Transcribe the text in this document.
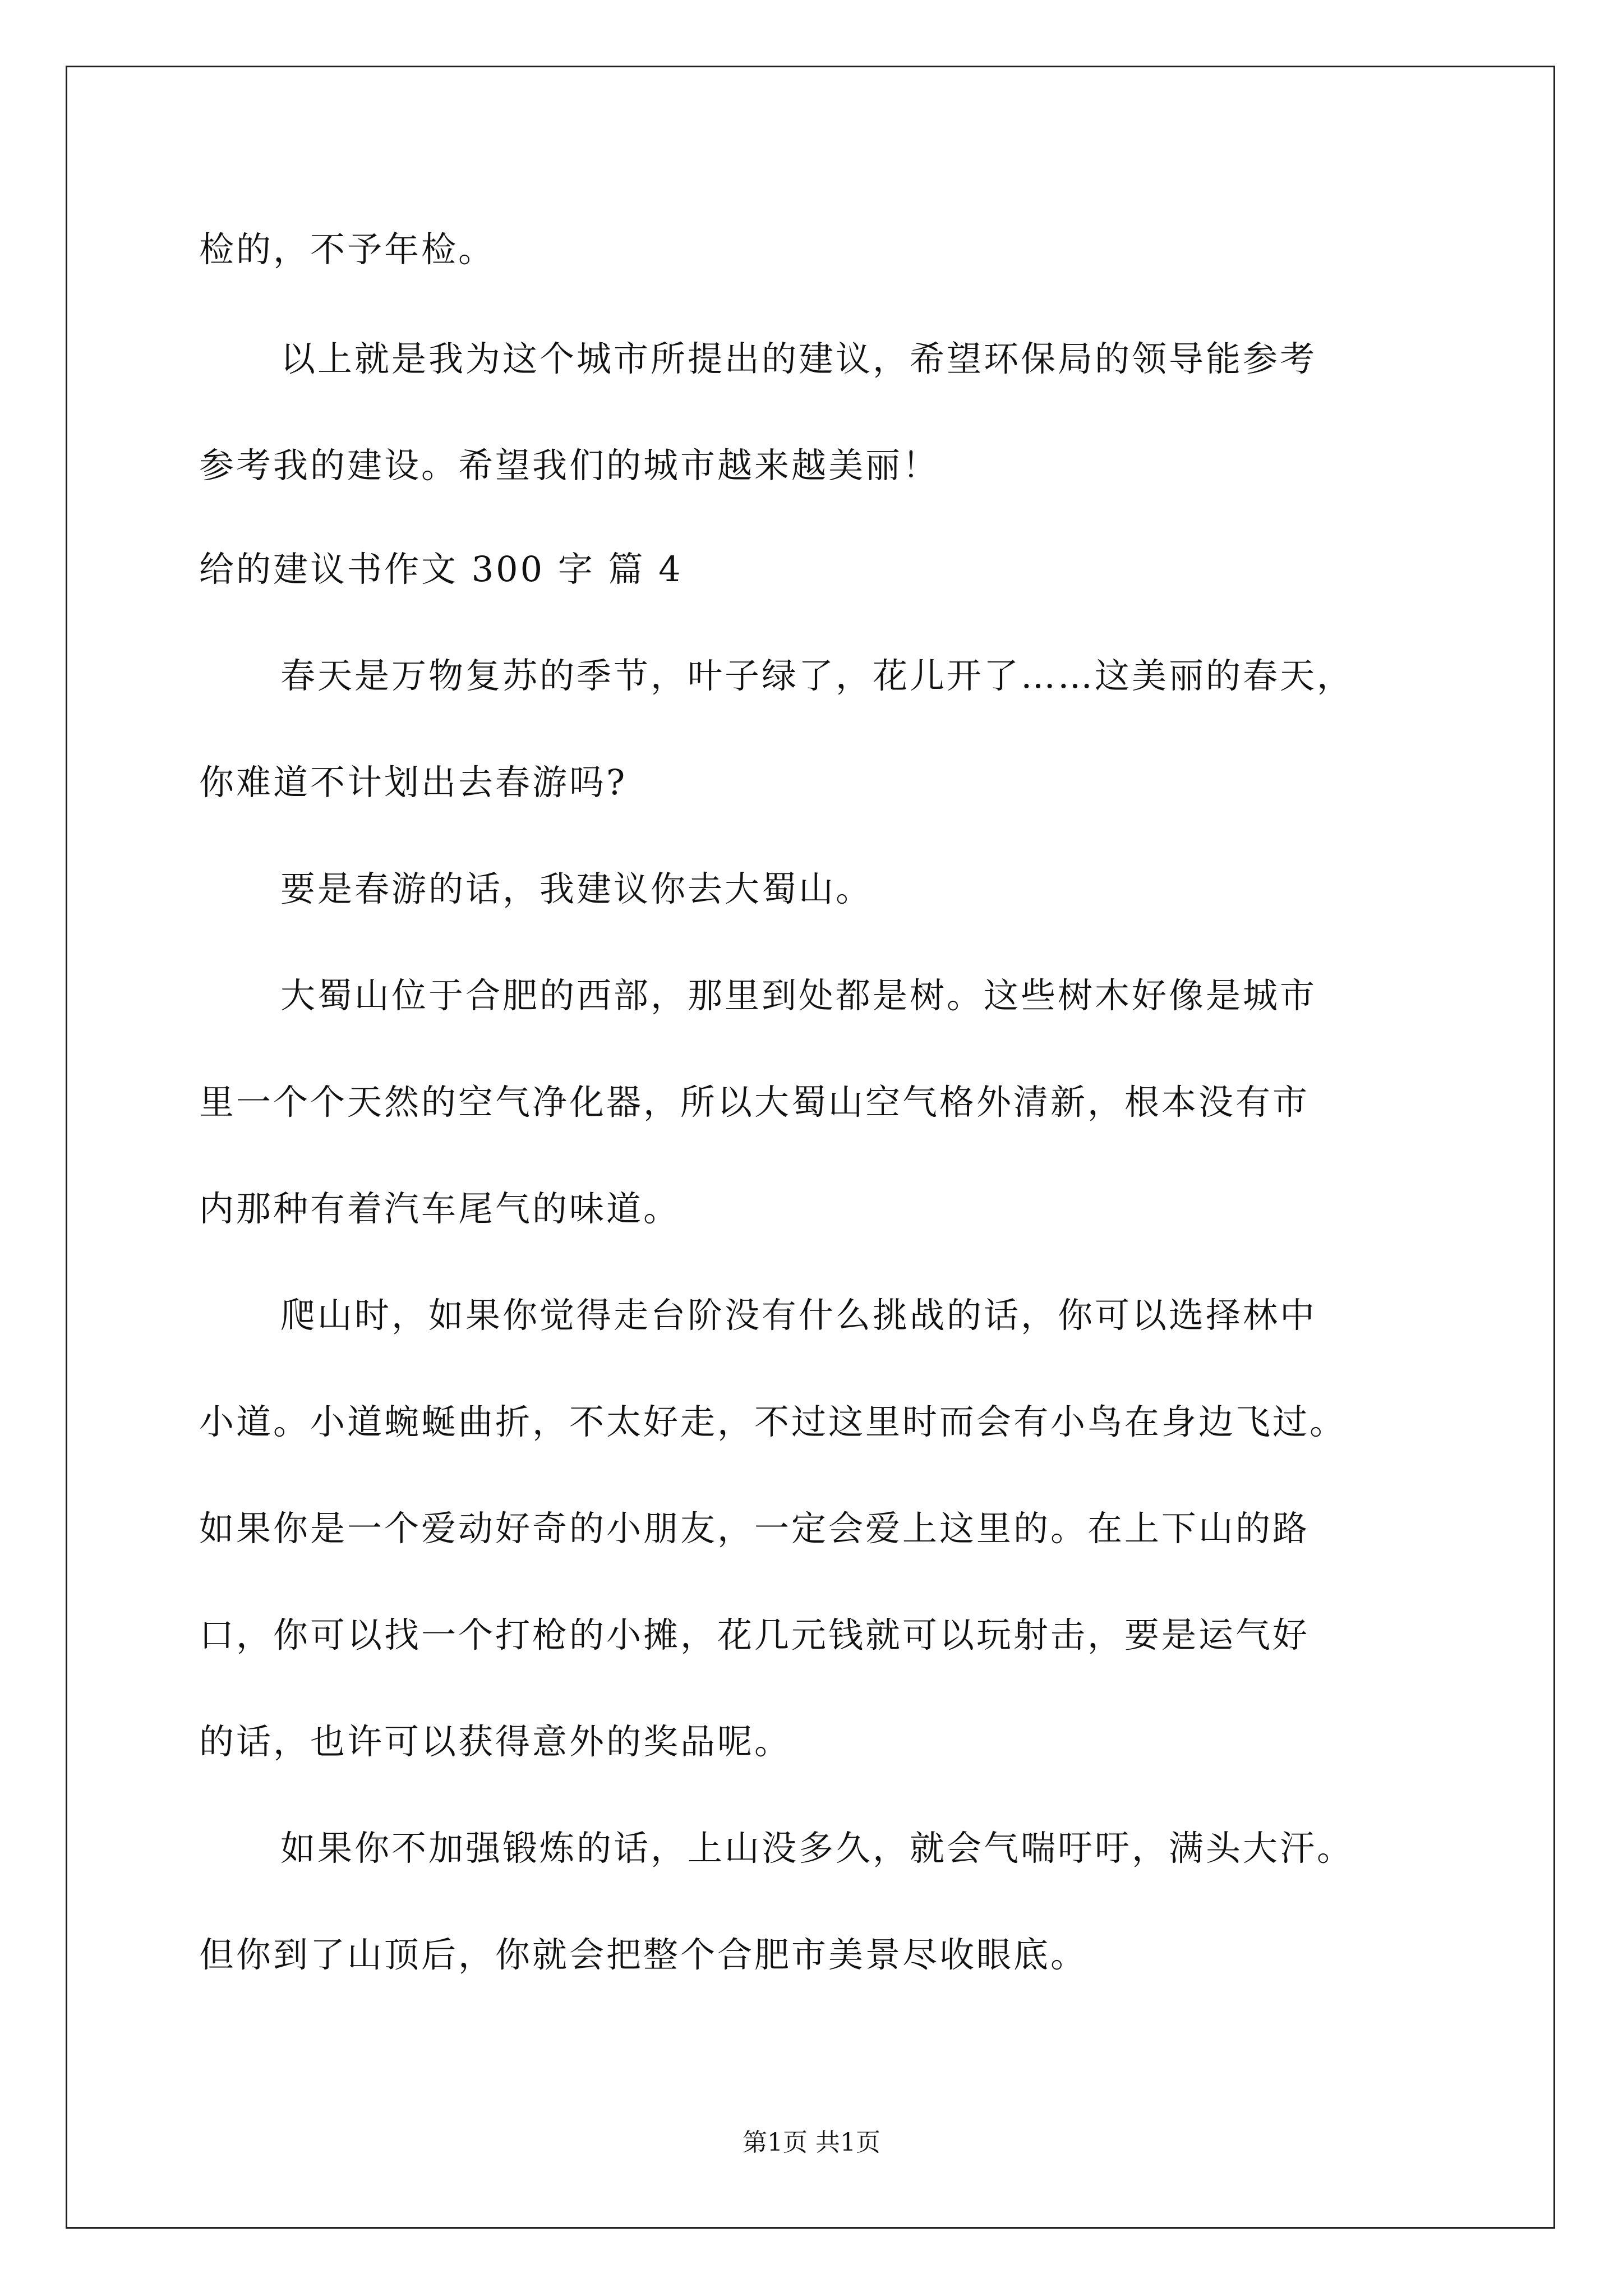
检的，不予年检。
以上就是我为这个城市所提出的建议，希望环保局的领导能参考
参考我的建设。希望我们的城市越来越美丽！
给的建议书作文 300 字 篇 4
春天是万物复苏的季节，叶子绿了，花儿开了……这美丽的春天，
你难道不计划出去春游吗?
要是春游的话，我建议你去大蜀山。
大蜀山位于合肥的西部，那里到处都是树。这些树木好像是城市
里一个个天然的空气净化器，所以大蜀山空气格外清新，根本没有市
内那种有着汽车尾气的味道。
爬山时，如果你觉得走台阶没有什么挑战的话，你可以选择林中
小道。小道蜿蜒曲折，不太好走，不过这里时而会有小鸟在身边飞过。
如果你是一个爱动好奇的小朋友，一定会爱上这里的。在上下山的路
口，你可以找一个打枪的小摊，花几元钱就可以玩射击，要是运气好
的话，也许可以获得意外的奖品呢。
如果你不加强锻炼的话，上山没多久，就会气喘吁吁，满头大汗。
但你到了山顶后，你就会把整个合肥市美景尽收眼底。
第1页 共1页
